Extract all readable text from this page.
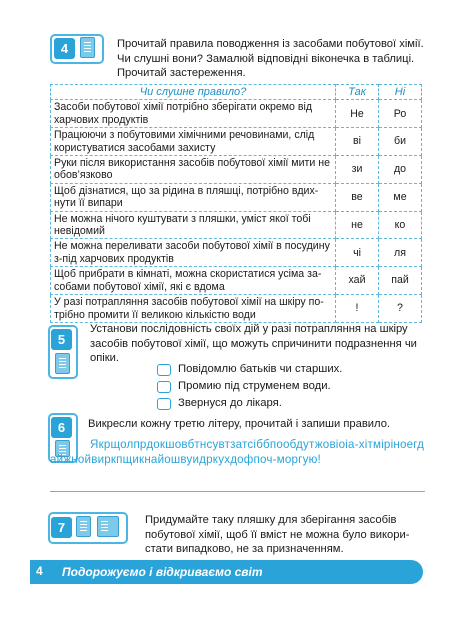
4	Прочитай правила поводження із засобами побутової хімії. Чи слушні вони? Замалюй відповідні віконечка в таблиці. Прочитай застереження.
Чи слушне правило?	Так	Ні
Засоби побутової хімії потрібно зберігати окремо від харчових продуктів	Не	Ро
Працюючи з побутовими хімічними речовинами, слід користуватися засобами захисту	ві	би
Руки після використання засобів побутової хімії мити не обов’язково	зи	до
Щоб дізнатися, що за рідина в пляшці, потрібно вдихнути її випари	ве	ме
Не можна нічого куштувати з пляшки, уміст якої тобі невідомий	не	ко
Не можна переливати засоби побутової хімії в посудину з-під харчових продуктів	чі	ля
Щоб прибрати в кімнаті, можна скористатися усіма засобами побутової хімії, які є вдома	хай	пай
У разі потрапляння засобів побутової хімії на шкіру потрібно промити її великою кількістю води	!	?
5
Установи послідовність своїх дій у разі потрапляння на шкіру засобів побутової хімії, що можуть спричинити подразнення чи опіки.
Повідомлю батьків чи старших.
Промию під струменем води.
Звернуся до лікаря.
6	Викресли кожну третю літеру, прочитай і запиши правило.
Якрщолпрдокшовбтнсувтзатсіббпообдутжовіоіа-хітмірінoегдайжнойвиркпщикнайошвуидркухдофпоч-моргую!
7	Придумайте таку пляшку для зберігання засобів побутової хімії, щоб її вміст не можна було використати випадково, не за призначенням.
4 Подорожуємо і відкриваємо світ
